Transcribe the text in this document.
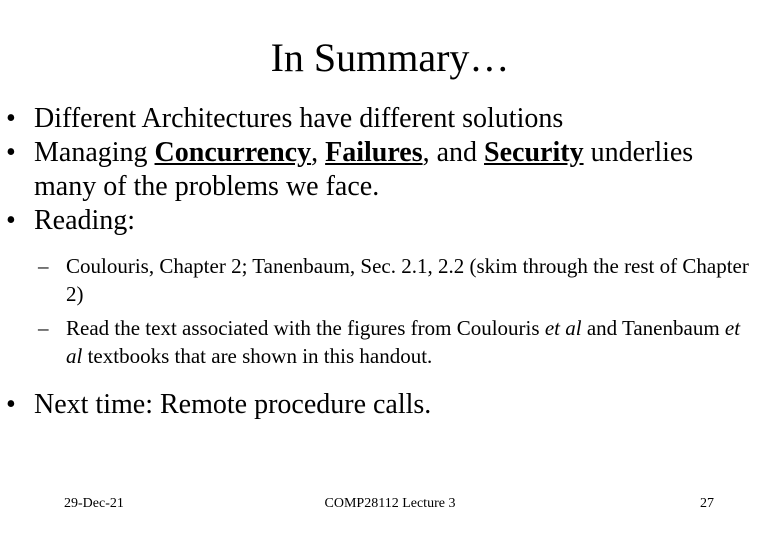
In Summary…
• Different Architectures have different solutions
• Managing Concurrency, Failures, and Security underlies many of the problems we face.
• Reading:
– Coulouris, Chapter 2; Tanenbaum, Sec. 2.1, 2.2 (skim through the rest of Chapter 2)
– Read the text associated with the figures from Coulouris et al and Tanenbaum et al textbooks that are shown in this handout.
• Next time: Remote procedure calls.
29-Dec-21	COMP28112 Lecture 3	27
